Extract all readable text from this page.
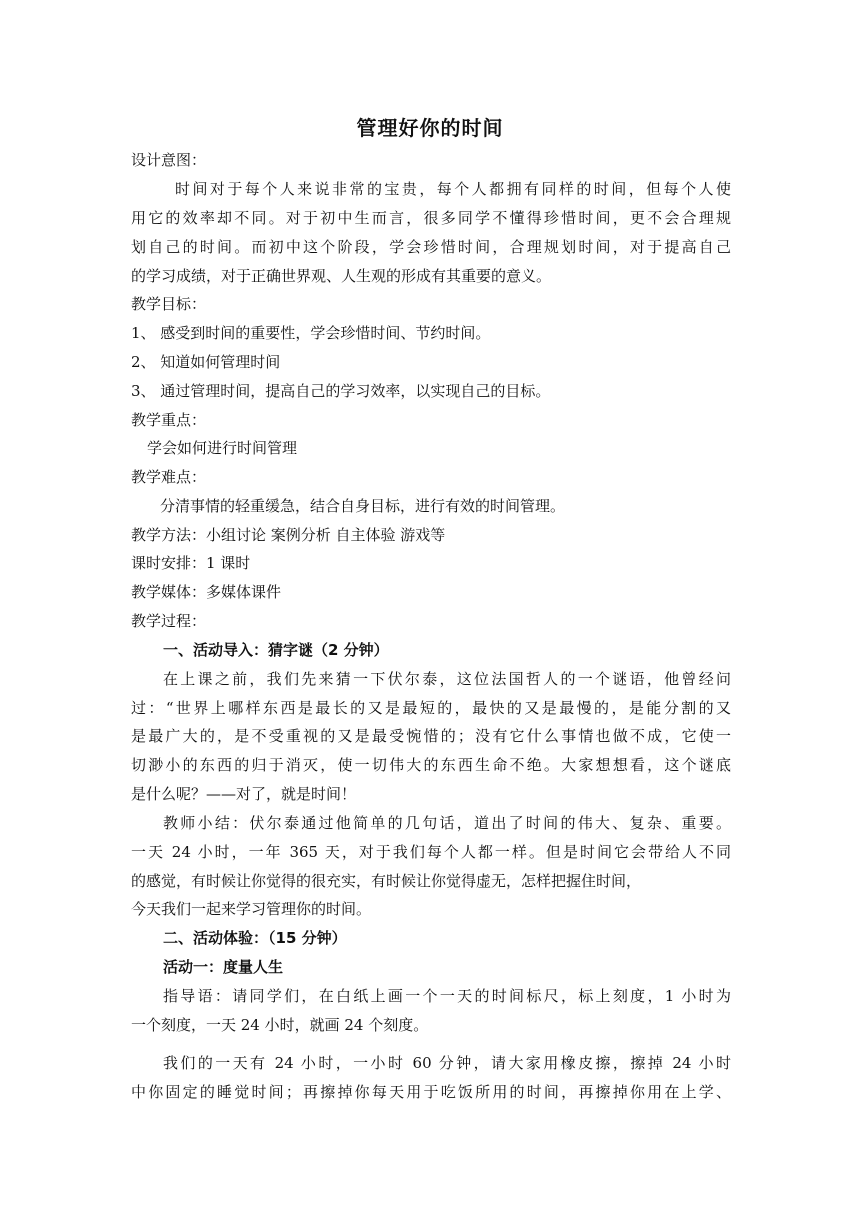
管理好你的时间
设计意图：
时间对于每个人来说非常的宝贵，每个人都拥有同样的时间，但每个人使
用它的效率却不同。对于初中生而言，很多同学不懂得珍惜时间，更不会合理规
划自己的时间。而初中这个阶段，学会珍惜时间，合理规划时间，对于提高自己
的学习成绩，对于正确世界观、人生观的形成有其重要的意义。
教学目标：
1、 感受到时间的重要性，学会珍惜时间、节约时间。
2、 知道如何管理时间
3、 通过管理时间，提高自己的学习效率，以实现自己的目标。
教学重点：
学会如何进行时间管理
教学难点：
分清事情的轻重缓急，结合自身目标，进行有效的时间管理。
教学方法：小组讨论 案例分析 自主体验 游戏等
课时安排：1 课时
教学媒体：多媒体课件
教学过程：
一、活动导入：猜字谜（2 分钟）
在上课之前，我们先来猜一下伏尔泰，这位法国哲人的一个谜语，他曾经问
过：“世界上哪样东西是最长的又是最短的，最快的又是最慢的，是能分割的又
是最广大的，是不受重视的又是最受惋惜的；没有它什么事情也做不成，它使一
切渺小的东西的归于消灭，使一切伟大的东西生命不绝。大家想想看，这个谜底
是什么呢？——对了，就是时间！
教师小结：伏尔泰通过他简单的几句话，道出了时间的伟大、复杂、重要。
一天 24 小时，一年 365 天，对于我们每个人都一样。但是时间它会带给人不同
的感觉，有时候让你觉得的很充实，有时候让你觉得虚无，怎样把握住时间，
今天我们一起来学习管理你的时间。
二、活动体验：（15 分钟）
活动一：度量人生
指导语：请同学们，在白纸上画一个一天的时间标尺，标上刻度，1 小时为
一个刻度，一天 24 小时，就画 24 个刻度。
我们的一天有 24 小时，一小时 60 分钟，请大家用橡皮擦，擦掉 24 小时
中你固定的睡觉时间；再擦掉你每天用于吃饭所用的时间，再擦掉你用在上学、
